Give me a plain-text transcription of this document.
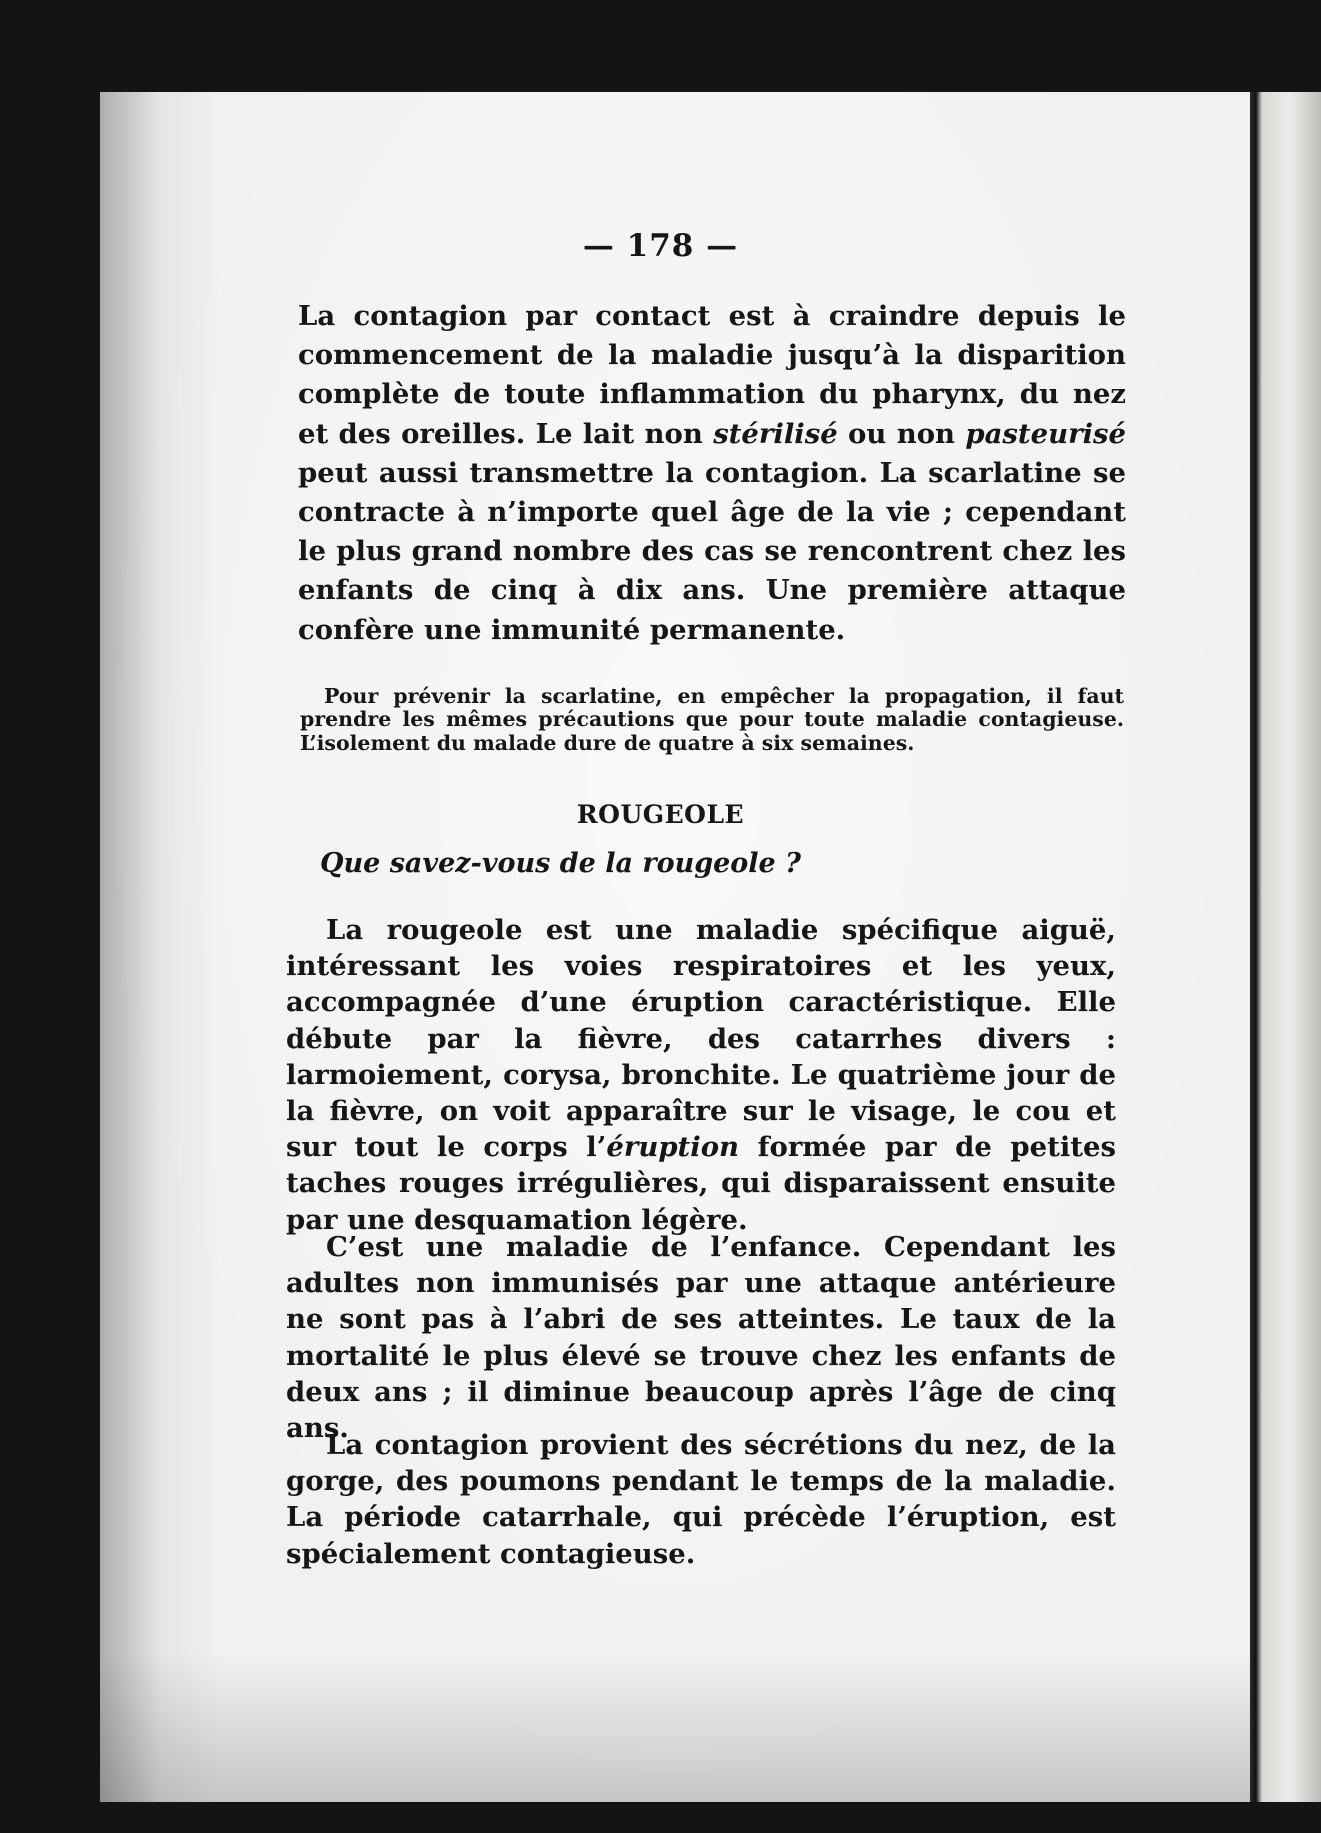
— 178 —

La contagion par contact est à craindre depuis le commencement de la maladie jusqu’à la disparition complète de toute inflammation du pharynx, du nez et des oreilles. Le lait non stérilisé ou non pasteurisé peut aussi transmettre la contagion. La scarlatine se contracte à n’importe quel âge de la vie ; cependant le plus grand nombre des cas se rencontrent chez les enfants de cinq à dix ans. Une première attaque confère une immunité permanente.

Pour prévenir la scarlatine, en empêcher la propagation, il faut prendre les mêmes précautions que pour toute maladie contagieuse. L’isolement du malade dure de quatre à six semaines.

ROUGEOLE

Que savez-vous de la rougeole ?

La rougeole est une maladie spécifique aiguë, intéressant les voies respiratoires et les yeux, accompagnée d’une éruption caractéristique. Elle débute par la fièvre, des catarrhes divers : larmoiement, corysa, bronchite. Le quatrième jour de la fièvre, on voit apparaître sur le visage, le cou et sur tout le corps l’éruption formée par de petites taches rouges irrégulières, qui disparaissent ensuite par une desquamation légère.

C’est une maladie de l’enfance. Cependant les adultes non immunisés par une attaque antérieure ne sont pas à l’abri de ses atteintes. Le taux de la mortalité le plus élevé se trouve chez les enfants de deux ans ; il diminue beaucoup après l’âge de cinq ans.

La contagion provient des sécrétions du nez, de la gorge, des poumons pendant le temps de la maladie. La période catarrhale, qui précède l’éruption, est spécialement contagieuse.
